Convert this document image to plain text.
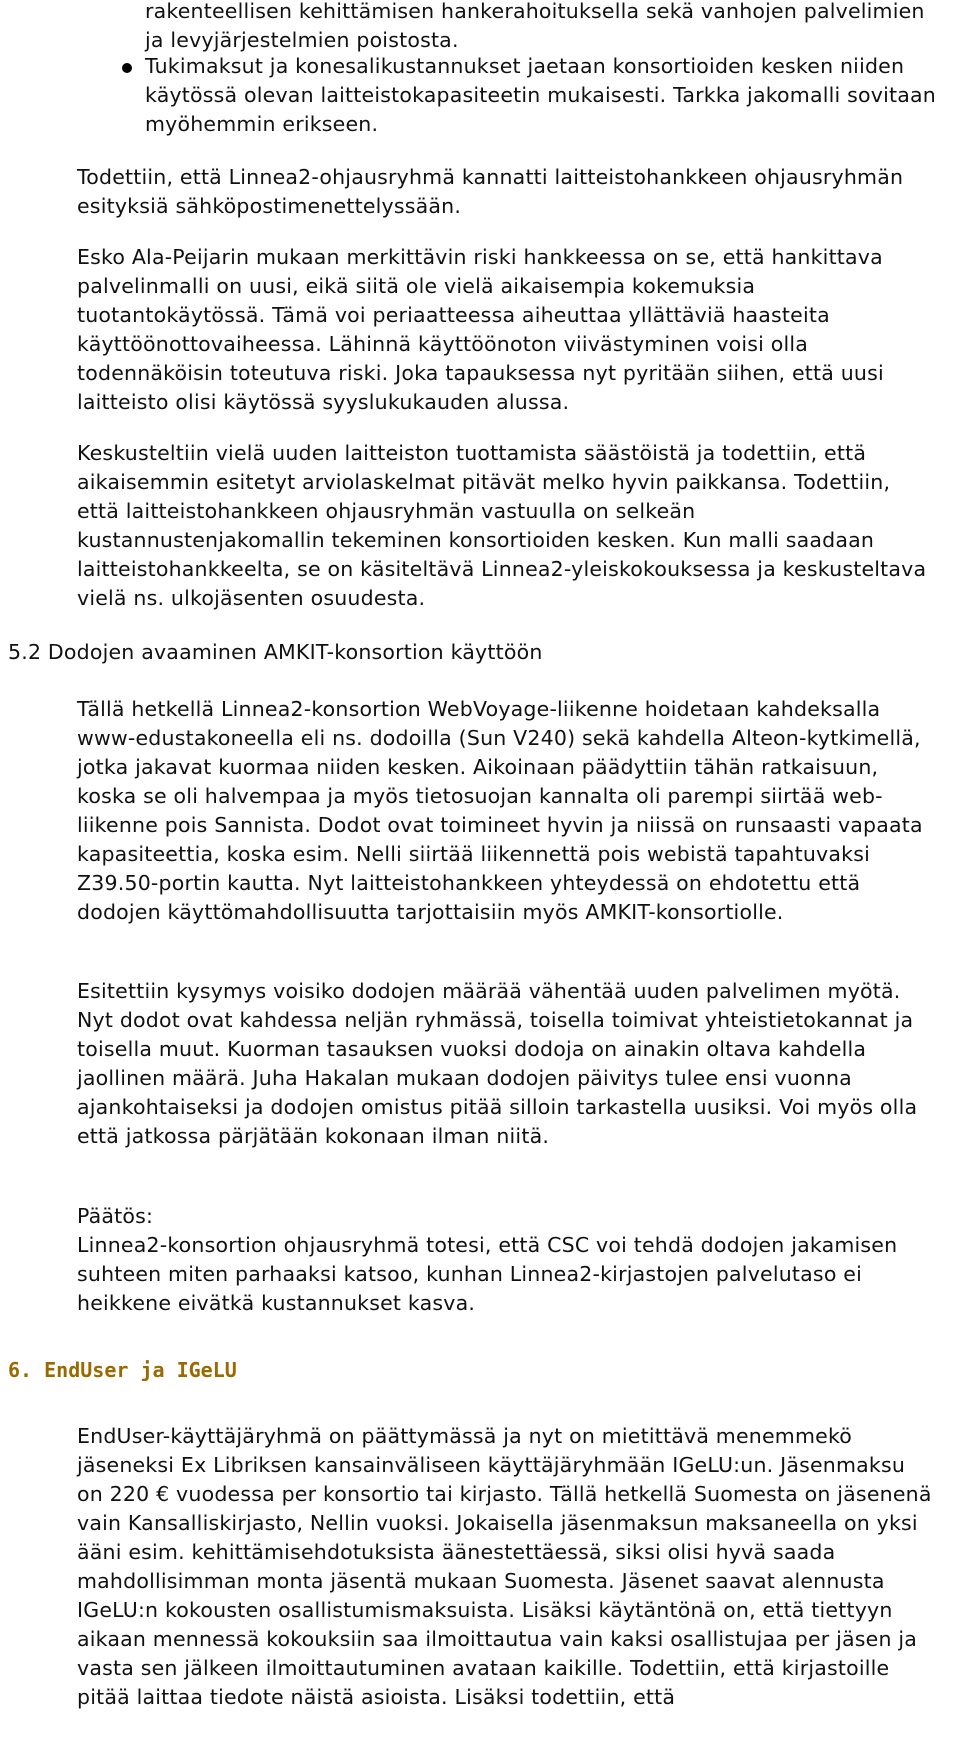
rakenteellisen kehittämisen hankerahoituksella sekä vanhojen palvelimien ja levyjärjestelmien poistosta.

Tukimaksut ja konesalikustannukset jaetaan konsortioiden kesken niiden käytössä olevan laitteistokapasiteetin mukaisesti. Tarkka jakomalli sovitaan myöhemmin erikseen.

Todettiin, että Linnea2-ohjausryhmä kannatti laitteistohankkeen ohjausryhmän esityksiä sähköpostimenettelyssään.

Esko Ala-Peijarin mukaan merkittävin riski hankkeessa on se, että hankittava palvelinmalli on uusi, eikä siitä ole vielä aikaisempia kokemuksia tuotantokäytössä. Tämä voi periaatteessa aiheuttaa yllättäviä haasteita käyttöönottovaiheessa. Lähinnä käyttöönoton viivästyminen voisi olla todennäköisin toteutuva riski. Joka tapauksessa nyt pyritään siihen, että uusi laitteisto olisi käytössä syyslukukauden alussa.

Keskusteltiin vielä uuden laitteiston tuottamista säästöistä ja todettiin, että aikaisemmin esitetyt arviolaskelmat pitävät melko hyvin paikkansa. Todettiin, että laitteistohankkeen ohjausryhmän vastuulla on selkeän kustannustenjakomallin tekeminen konsortioiden kesken. Kun malli saadaan laitteistohankkeelta, se on käsiteltävä Linnea2-yleiskokouksessa ja keskusteltava vielä ns. ulkojäsenten osuudesta.

5.2 Dodojen avaaminen AMKIT-konsortion käyttöön

Tällä hetkellä Linnea2-konsortion WebVoyage-liikenne hoidetaan kahdeksalla www-edustakoneella eli ns. dodoilla (Sun V240) sekä kahdella Alteon-kytkimellä, jotka jakavat kuormaa niiden kesken. Aikoinaan päädyttiin tähän ratkaisuun, koska se oli halvempaa ja myös tietosuojan kannalta oli parempi siirtää web-liikenne pois Sannista. Dodot ovat toimineet hyvin ja niissä on runsaasti vapaata kapasiteettia, koska esim. Nelli siirtää liikennettä pois webistä tapahtuvaksi Z39.50-portin kautta. Nyt laitteistohankkeen yhteydessä on ehdotettu että dodojen käyttömahdollisuutta tarjottaisiin myös AMKIT-konsortiolle.

Esitettiin kysymys voisiko dodojen määrää vähentää uuden palvelimen myötä. Nyt dodot ovat kahdessa neljän ryhmässä, toisella toimivat yhteistietokannat ja toisella muut. Kuorman tasauksen vuoksi dodoja on ainakin oltava kahdella jaollinen määrä. Juha Hakalan mukaan dodojen päivitys tulee ensi vuonna ajankohtaiseksi ja dodojen omistus pitää silloin tarkastella uusiksi. Voi myös olla että jatkossa pärjätään kokonaan ilman niitä.

Päätös:
Linnea2-konsortion ohjausryhmä totesi, että CSC voi tehdä dodojen jakamisen suhteen miten parhaaksi katsoo, kunhan Linnea2-kirjastojen palvelutaso ei heikkene eivätkä kustannukset kasva.
6. EndUser ja IGeLU

EndUser-käyttäjäryhmä on päättymässä ja nyt on mietittävä menemmekö jäseneksi Ex Libriksen kansainväliseen käyttäjäryhmään IGeLU:un. Jäsenmaksu on 220 € vuodessa per konsortio tai kirjasto. Tällä hetkellä Suomesta on jäsenenä vain Kansalliskirjasto, Nellin vuoksi. Jokaisella jäsenmaksun maksaneella on yksi ääni esim. kehittämisehdotuksista äänestettäessä, siksi olisi hyvä saada mahdollisimman monta jäsentä mukaan Suomesta. Jäsenet saavat alennusta IGeLU:n kokousten osallistumismaksuista. Lisäksi käytäntönä on, että tiettyyn aikaan mennessä kokouksiin saa ilmoittautua vain kaksi osallistujaa per jäsen ja vasta sen jälkeen ilmoittautuminen avataan kaikille. Todettiin, että kirjastoille pitää laittaa tiedote näistä asioista. Lisäksi todettiin, että
